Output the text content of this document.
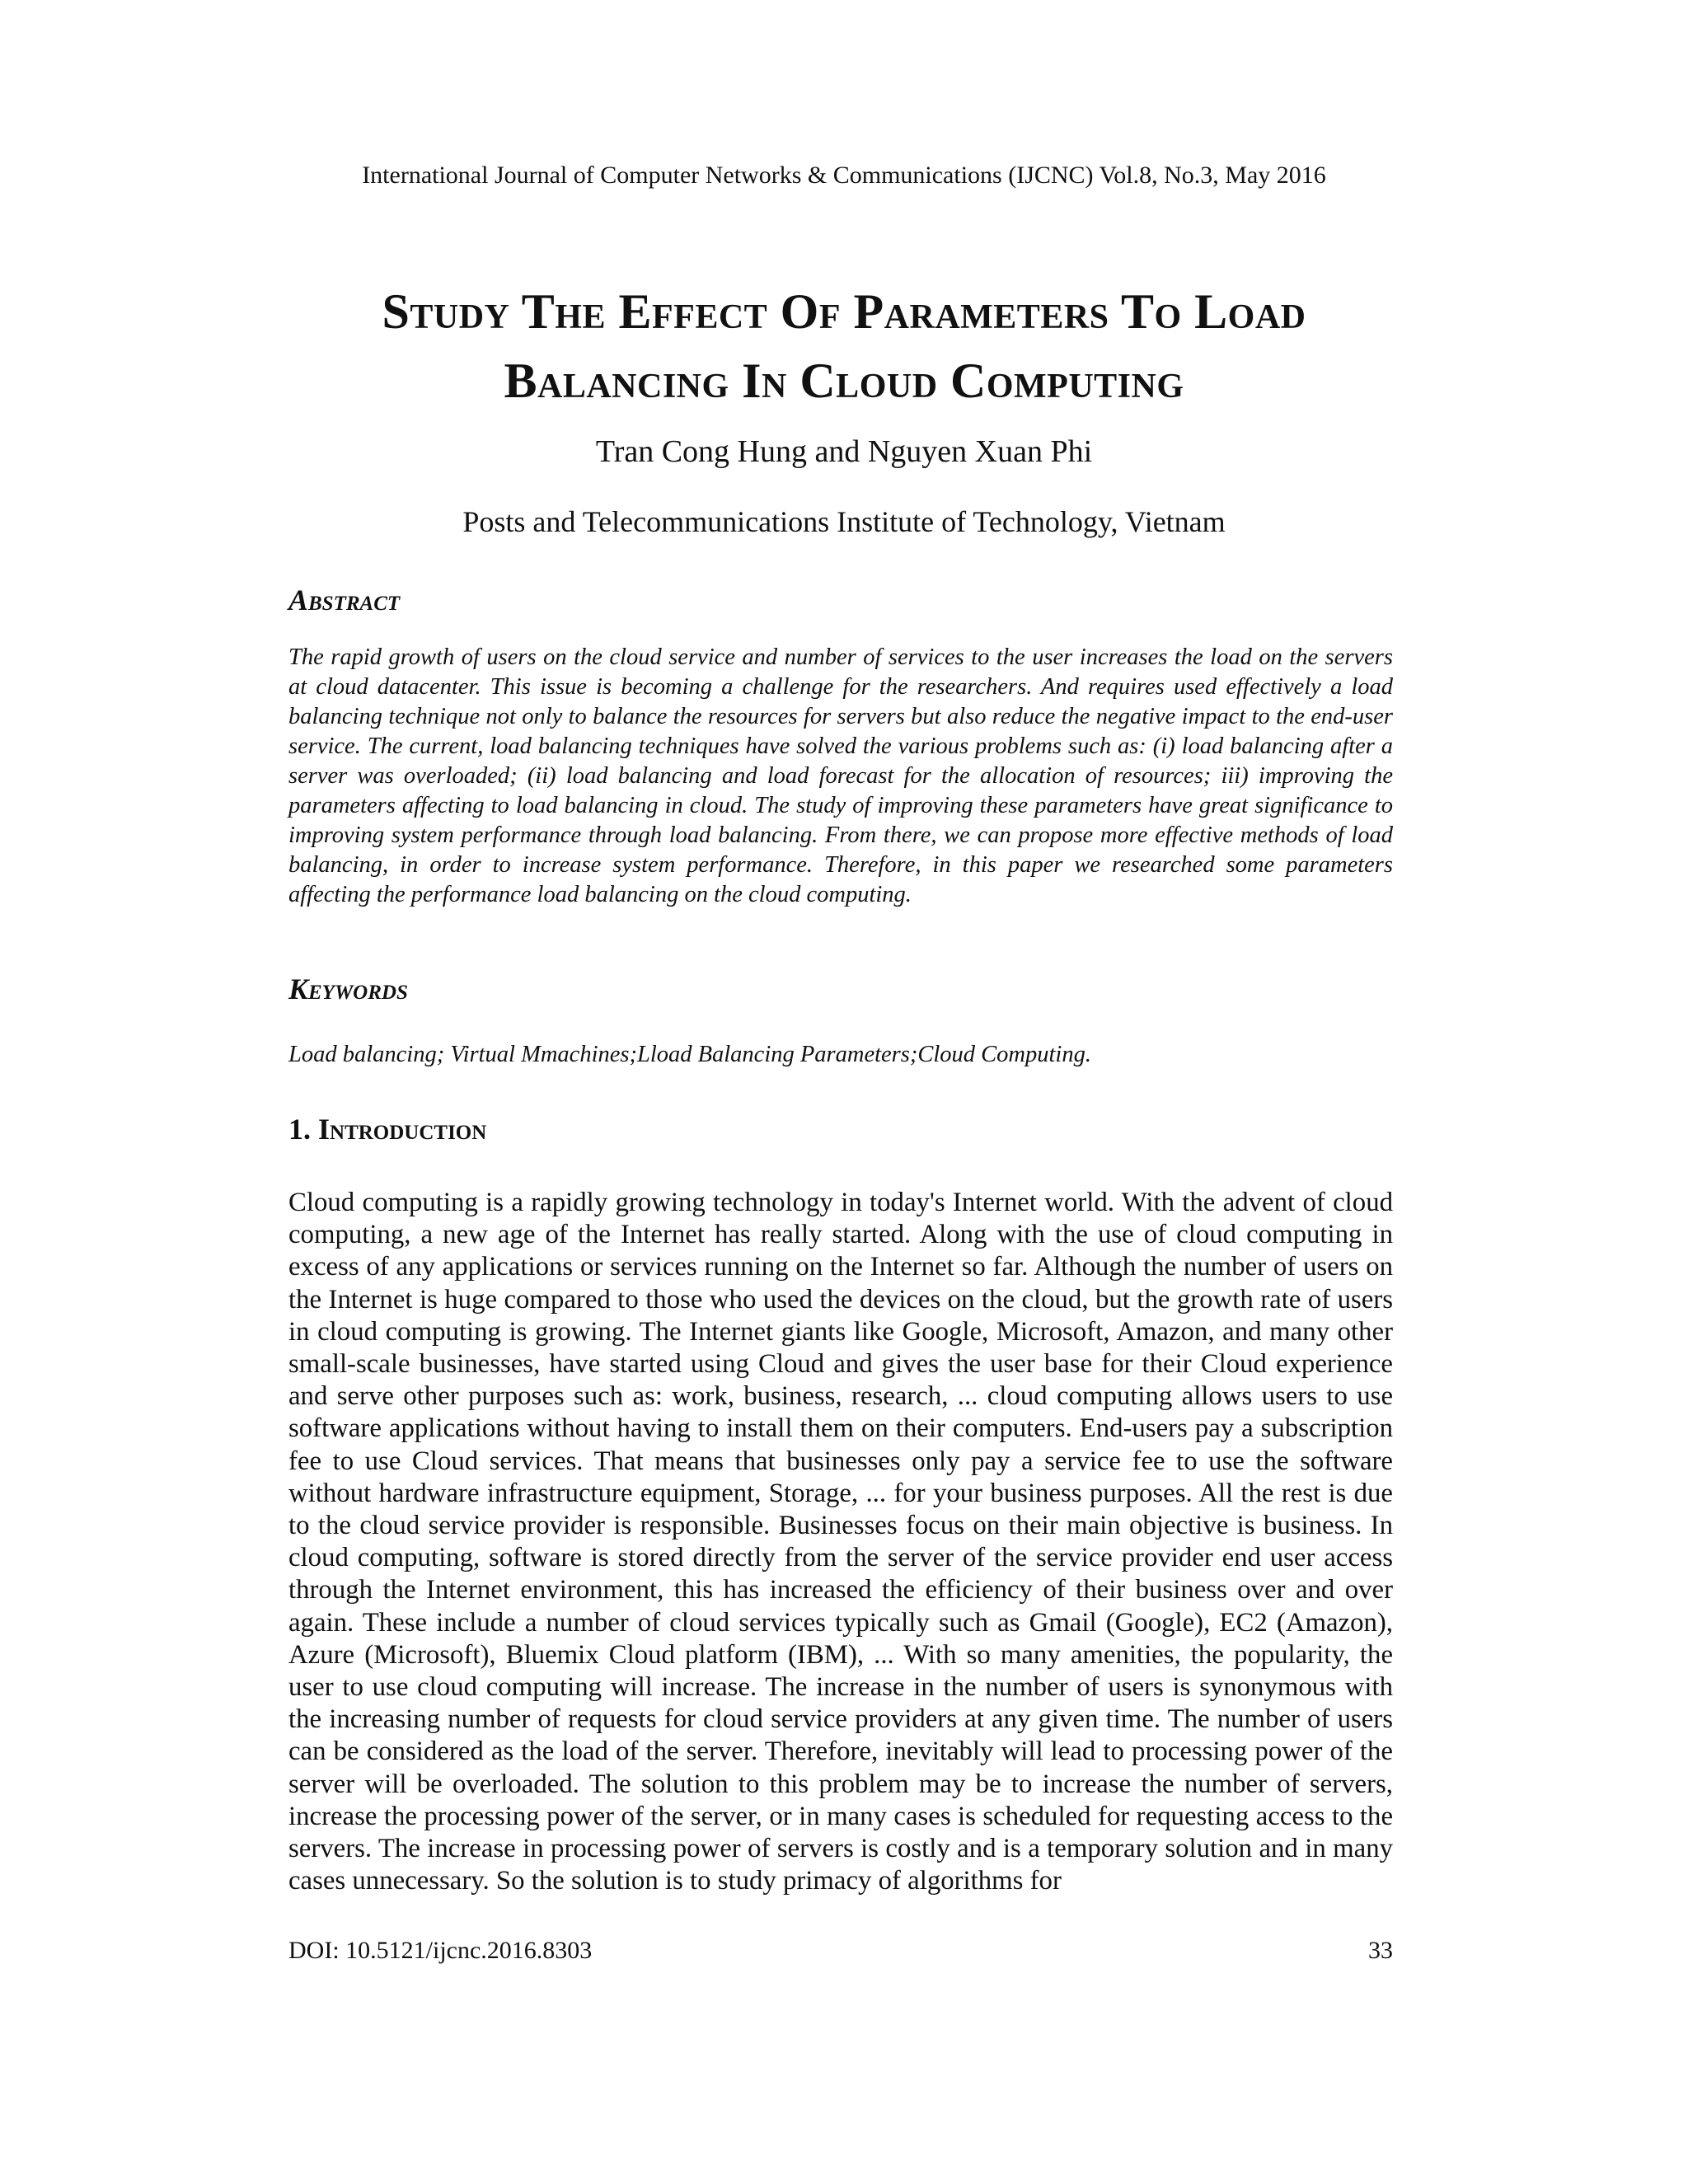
International Journal of Computer Networks & Communications (IJCNC) Vol.8, No.3, May 2016
Study The Effect Of Parameters To Load
Balancing In Cloud Computing
Tran Cong Hung and Nguyen Xuan Phi
Posts and Telecommunications Institute of Technology, Vietnam
Abstract
The rapid growth of users on the cloud service and number of services to the user increases the load on the servers at cloud datacenter. This issue is becoming a challenge for the researchers. And requires used effectively a load balancing technique not only to balance the resources for servers but also reduce the negative impact to the end-user service. The current, load balancing techniques have solved the various problems such as: (i) load balancing after a server was overloaded; (ii) load balancing and load forecast for the allocation of resources; iii) improving the parameters affecting to load balancing in cloud. The study of improving these parameters have great significance to improving system performance through load balancing. From there, we can propose more effective methods of load balancing, in order to increase system performance. Therefore, in this paper we researched some parameters affecting the performance load balancing on the cloud computing.
Keywords
Load balancing; Virtual Mmachines;Lload Balancing Parameters;Cloud Computing.
1. Introduction
Cloud computing is a rapidly growing technology in today's Internet world. With the advent of cloud computing, a new age of the Internet has really started. Along with the use of cloud computing in excess of any applications or services running on the Internet so far. Although the number of users on the Internet is huge compared to those who used the devices on the cloud, but the growth rate of users in cloud computing is growing. The Internet giants like Google, Microsoft, Amazon, and many other small-scale businesses, have started using Cloud and gives the user base for their Cloud experience and serve other purposes such as: work, business, research, ... cloud computing allows users to use software applications without having to install them on their computers. End-users pay a subscription fee to use Cloud services. That means that businesses only pay a service fee to use the software without hardware infrastructure equipment, Storage, ... for your business purposes. All the rest is due to the cloud service provider is responsible. Businesses focus on their main objective is business. In cloud computing, software is stored directly from the server of the service provider end user access through the Internet environment, this has increased the efficiency of their business over and over again. These include a number of cloud services typically such as Gmail (Google), EC2 (Amazon), Azure (Microsoft), Bluemix Cloud platform (IBM), ... With so many amenities, the popularity, the user to use cloud computing will increase. The increase in the number of users is synonymous with the increasing number of requests for cloud service providers at any given time. The number of users can be considered as the load of the server. Therefore, inevitably will lead to processing power of the server will be overloaded. The solution to this problem may be to increase the number of servers, increase the processing power of the server, or in many cases is scheduled for requesting access to the servers. The increase in processing power of servers is costly and is a temporary solution and in many cases unnecessary. So the solution is to study primacy of algorithms for
DOI: 10.5121/ijcnc.2016.8303	33
